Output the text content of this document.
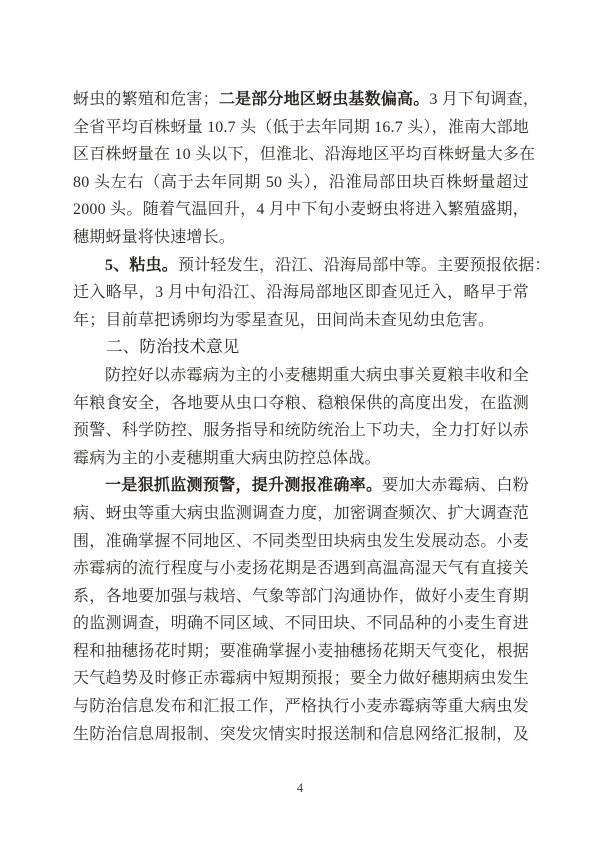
蚜虫的繁殖和危害；二是部分地区蚜虫基数偏高。3 月下旬调查，
全省平均百株蚜量 10.7 头（低于去年同期 16.7 头），淮南大部地
区百株蚜量在 10 头以下，但淮北、沿海地区平均百株蚜量大多在
80 头左右（高于去年同期 50 头），沿淮局部田块百株蚜量超过
2000 头。随着气温回升，4 月中下旬小麦蚜虫将进入繁殖盛期，
穗期蚜量将快速增长。
5、粘虫。预计轻发生，沿江、沿海局部中等。主要预报依据：
迁入略早，3 月中旬沿江、沿海局部地区即查见迁入，略早于常
年；目前草把诱卵均为零星查见，田间尚未查见幼虫危害。
二、防治技术意见
防控好以赤霉病为主的小麦穗期重大病虫事关夏粮丰收和全
年粮食安全，各地要从虫口夺粮、稳粮保供的高度出发，在监测
预警、科学防控、服务指导和统防统治上下功夫，全力打好以赤
霉病为主的小麦穗期重大病虫防控总体战。
一是狠抓监测预警，提升测报准确率。要加大赤霉病、白粉
病、蚜虫等重大病虫监测调查力度，加密调查频次、扩大调查范
围，准确掌握不同地区、不同类型田块病虫发生发展动态。小麦
赤霉病的流行程度与小麦扬花期是否遇到高温高湿天气有直接关
系，各地要加强与栽培、气象等部门沟通协作，做好小麦生育期
的监测调查，明确不同区域、不同田块、不同品种的小麦生育进
程和抽穗扬花时期；要准确掌握小麦抽穗扬花期天气变化，根据
天气趋势及时修正赤霉病中短期预报；要全力做好穗期病虫发生
与防治信息发布和汇报工作，严格执行小麦赤霉病等重大病虫发
生防治信息周报制、突发灾情实时报送制和信息网络汇报制，及
4
